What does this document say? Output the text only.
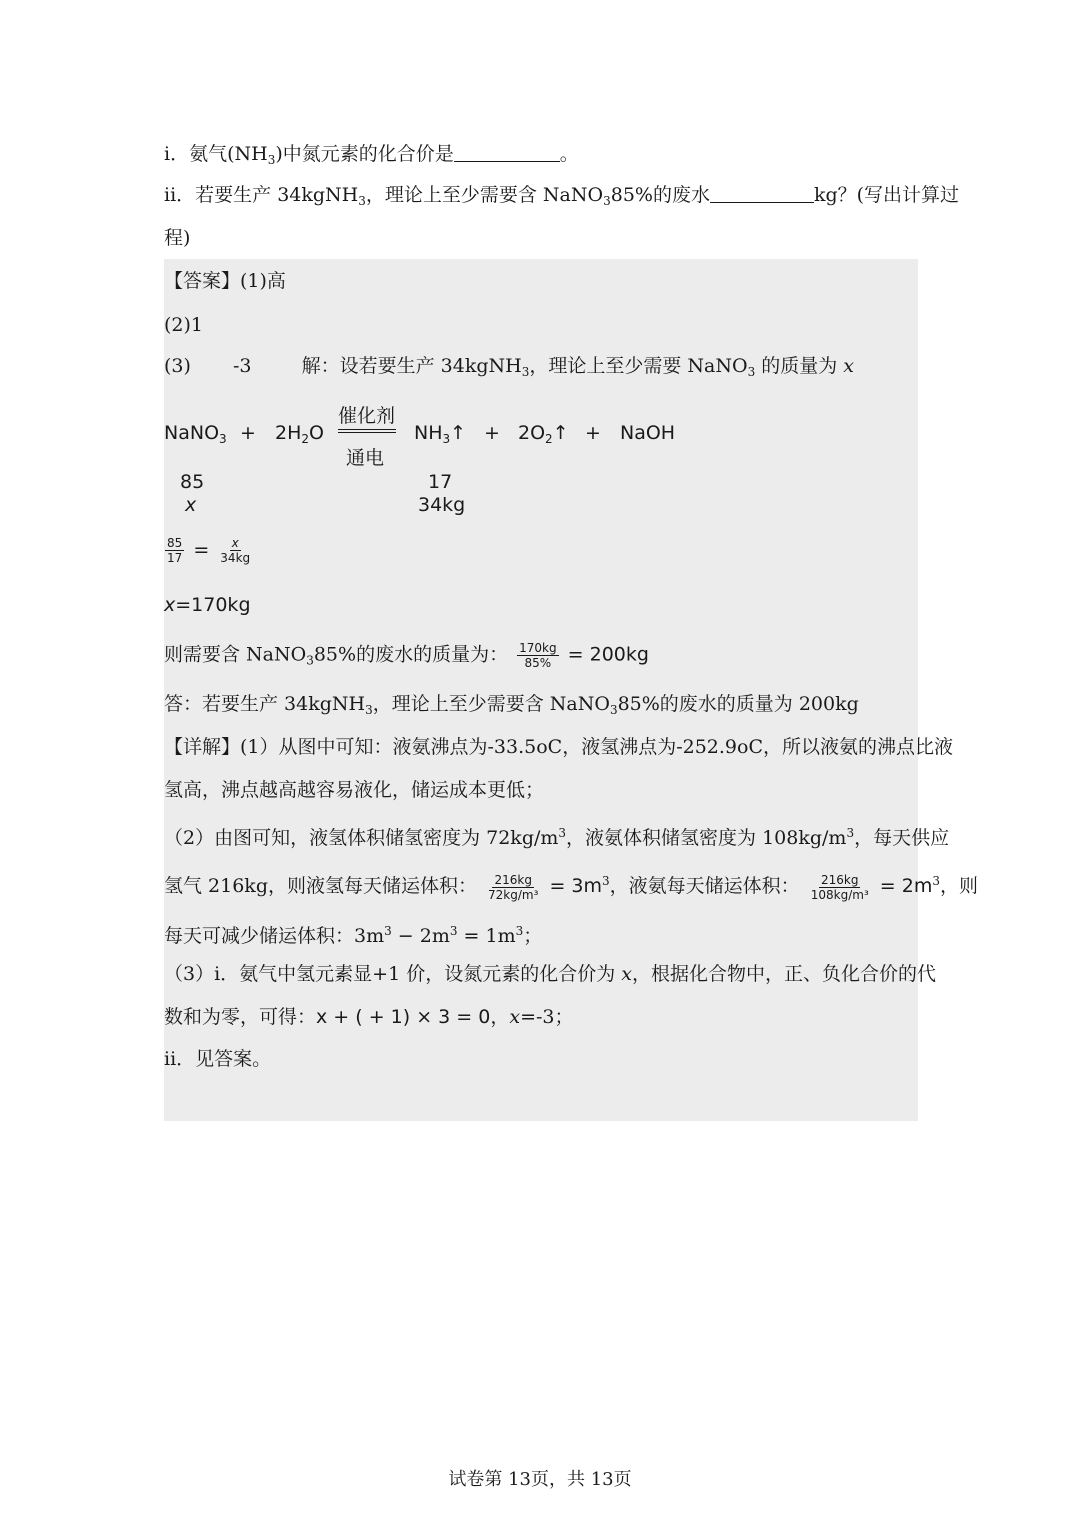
i．氨气$(NH_3)$中氮元素的化合价是	。
ii．若要生产 34kgNH$_3$，理论上至少需要含 NaNO$_3$85%的废水	kg？(写出计算过
程)
【答案】(1)高
(2)1
(3) -3	解：设若要生产 34kgNH$_3$，理论上至少需要 NaNO$_3$ 的质量为 x
NaNO$_3$ + $2H_2O$
催化剂
通电
$NH_3↑$ + $2O_2↑$ + NaOH
85
x
17
34kg
$\frac{85}{17} = \frac{x}{34kg}$
x=170kg
则需要含 NaNO$_3$85%的废水的质量为： $\frac{170kg}{85\%} = 200kg$
答：若要生产 34kgNH$_3$，理论上至少需要含 NaNO$_3$85%的废水的质量为 200kg
【详解】(1）从图中可知：液氨沸点为-33.5oC，液氢沸点为-252.9oC，所以液氨的沸点比液
氢高，沸点越高越容易液化，储运成本更低；
（2）由图可知，液氢体积储氢密度为 $72kg/m^3$，液氨体积储氢密度为 $108kg/m^3$，每天供应
氢气 216kg，则液氢每天储运体积： $\frac{216kg}{\text{72kg/m³}} = 3m^3$，液氨每天储运体积： $\frac{216kg}{\text{108kg/m³}} = 2m^3$，则
每天可减少储运体积：$3m^3 - 2m^3 = 1m^3$；
（3）i．氨气中氢元素显+1 价，设氮元素的化合价为 x，根据化合物中，正、负化合价的代
数和为零，可得：x + ( + 1) × 3 = 0，x=-3；
ii．见答案。
试卷第 13页，共 13页
